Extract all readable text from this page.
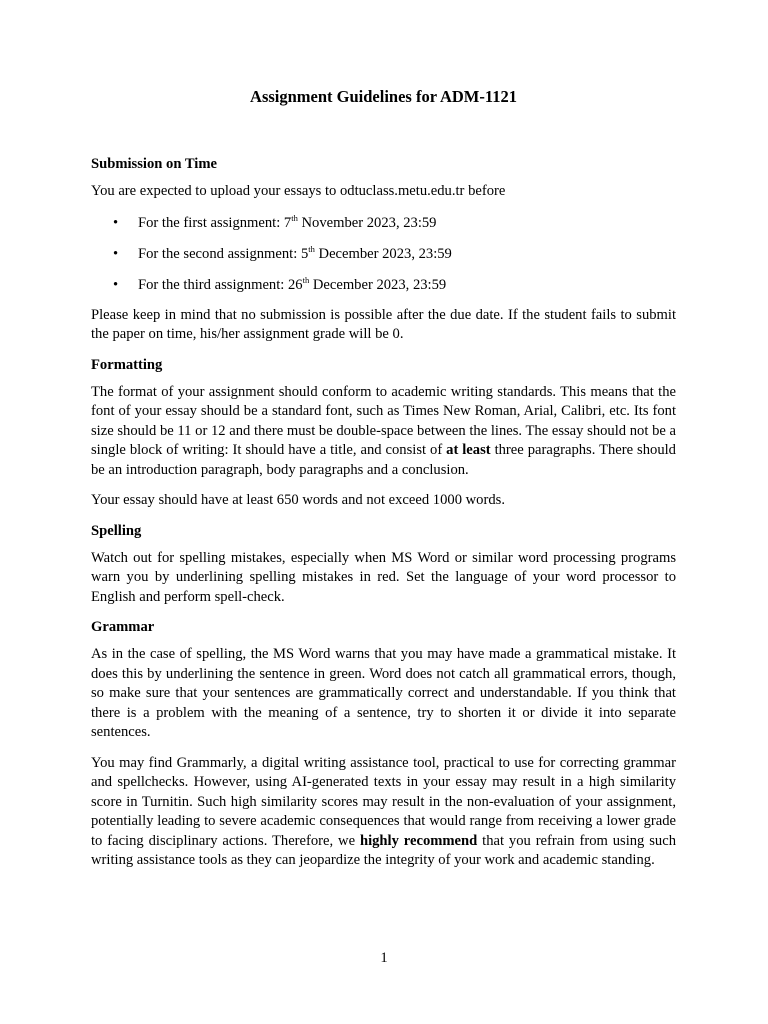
Assignment Guidelines for ADM-1121
Submission on Time

You are expected to upload your essays to odtuclass.metu.edu.tr before

• For the first assignment: 7th November 2023, 23:59
• For the second assignment: 5th December 2023, 23:59
• For the third assignment: 26th December 2023, 23:59

Please keep in mind that no submission is possible after the due date. If the student fails to submit the paper on time, his/her assignment grade will be 0.

Formatting

The format of your assignment should conform to academic writing standards. This means that the font of your essay should be a standard font, such as Times New Roman, Arial, Calibri, etc. Its font size should be 11 or 12 and there must be double-space between the lines. The essay should not be a single block of writing: It should have a title, and consist of at least three paragraphs. There should be an introduction paragraph, body paragraphs and a conclusion.

Your essay should have at least 650 words and not exceed 1000 words.

Spelling

Watch out for spelling mistakes, especially when MS Word or similar word processing programs warn you by underlining spelling mistakes in red. Set the language of your word processor to English and perform spell-check.

Grammar

As in the case of spelling, the MS Word warns that you may have made a grammatical mistake. It does this by underlining the sentence in green. Word does not catch all grammatical errors, though, so make sure that your sentences are grammatically correct and understandable. If you think that there is a problem with the meaning of a sentence, try to shorten it or divide it into separate sentences.

You may find Grammarly, a digital writing assistance tool, practical to use for correcting grammar and spellchecks. However, using AI-generated texts in your essay may result in a high similarity score in Turnitin. Such high similarity scores may result in the non-evaluation of your assignment, potentially leading to severe academic consequences that would range from receiving a lower grade to facing disciplinary actions. Therefore, we highly recommend that you refrain from using such writing assistance tools as they can jeopardize the integrity of your work and academic standing.

1
